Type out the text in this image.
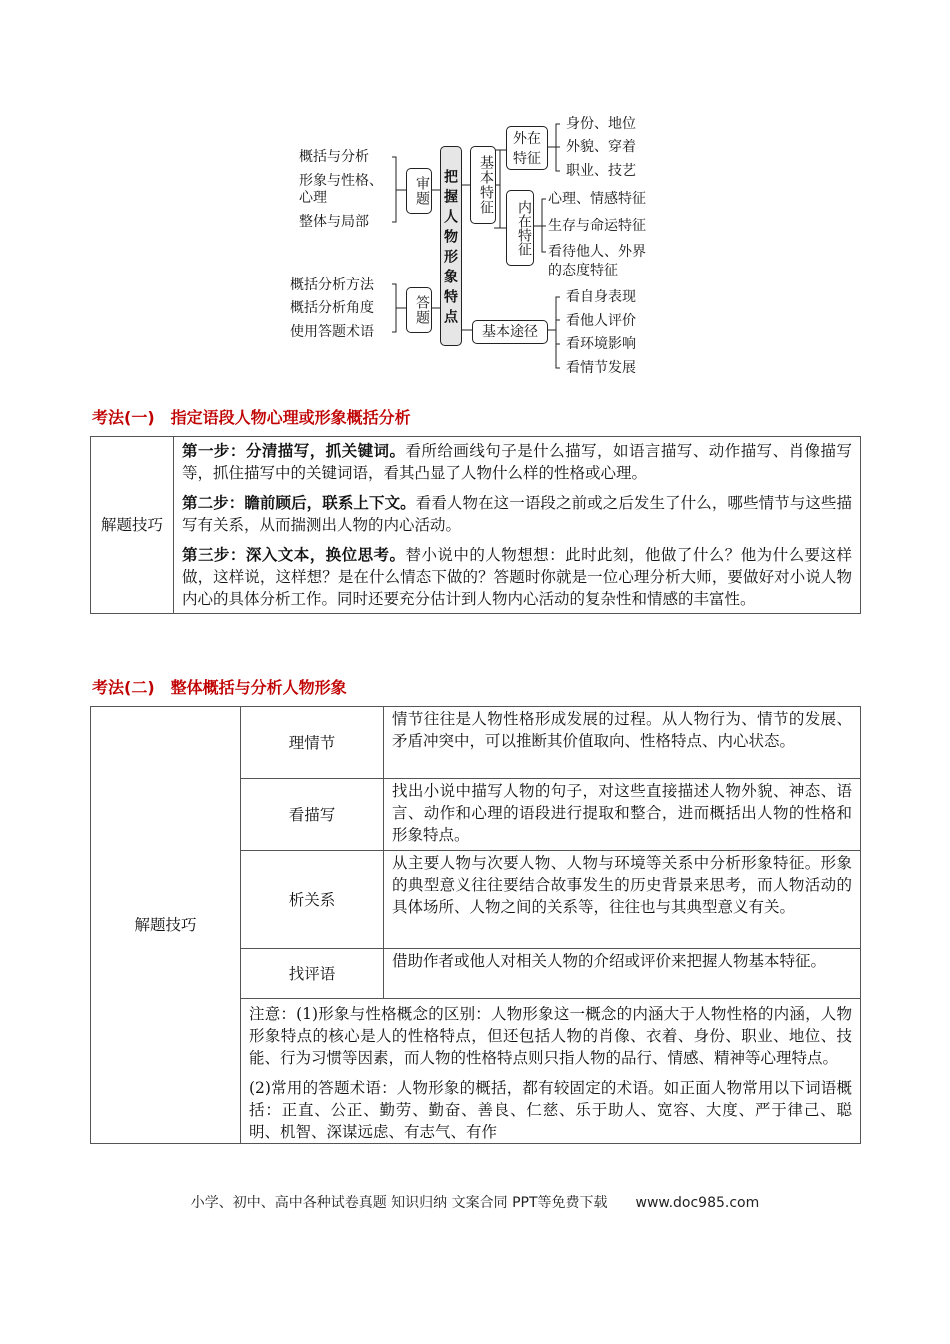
概括与分析
形象与性格、
心理
整体与局部
审题
概括分析方法
概括分析角度
使用答题术语
答题 把握人物形象特点	基本特征
外在特征
身份、地位
外貌、穿着
职业、技艺
内在特征
心理、情感特征
生存与命运特征
看待他人、外界
的态度特征
基本途径
看自身表现
看他人评价
看环境影响
看情节发展
考法(一) 指定语段人物心理或形象概括分析
解题技巧	

第一步：分清描写，抓关键词。看所给画线句子是什么描写，如语言描写、动作描写、肖像描写等，抓住描写中的关键词语，看其凸显了人物什么样的性格或心理。

第二步：瞻前顾后，联系上下文。看看人物在这一语段之前或之后发生了什么，哪些情节与这些描写有关系，从而揣测出人物的内心活动。

第三步：深入文本，换位思考。替小说中的人物想想：此时此刻，他做了什么？他为什么要这样做，这样说，这样想？是在什么情态下做的？答题时你就是一位心理分析大师，要做好对小说人物内心的具体分析工作。同时还要充分估计到人物内心活动的复杂性和情感的丰富性。

考法(二) 整体概括与分析人物形象
解题技巧	理情节	情节往往是人物性格形成发展的过程。从人物行为、情节的发展、矛盾冲突中，可以推断其价值取向、性格特点、内心状态。
	看描写	找出小说中描写人物的句子，对这些直接描述人物外貌、神态、语言、动作和心理的语段进行提取和整合，进而概括出人物的性格和形象特点。
	析关系	从主要人物与次要人物、人物与环境等关系中分析形象特征。形象的典型意义往往要结合故事发生的历史背景来思考，而人物活动的具体场所、人物之间的关系等，往往也与其典型意义有关。
	找评语	借助作者或他人对相关人物的介绍或评价来把握人物基本特征。

	注意：(1)形象与性格概念的区别：人物形象这一概念的内涵大于人物性格的内涵，人物形象特点的核心是人的性格特点，但还包括人物的肖像、衣着、身份、职业、地位、技能、行为习惯等因素，而人物的性格特点则只指人物的品行、情感、精神等心理特点。

(2)常用的答题术语：人物形象的概括，都有较固定的术语。如正面人物常用以下词语概括：正直、公正、勤劳、勤奋、善良、仁慈、乐于助人、宽容、大度、严于律己、聪明、机智、深谋远虑、有志气、有作	

小学、初中、高中各种试卷真题 知识归纳 文案合同 PPT等免费下载 www.doc985.com
